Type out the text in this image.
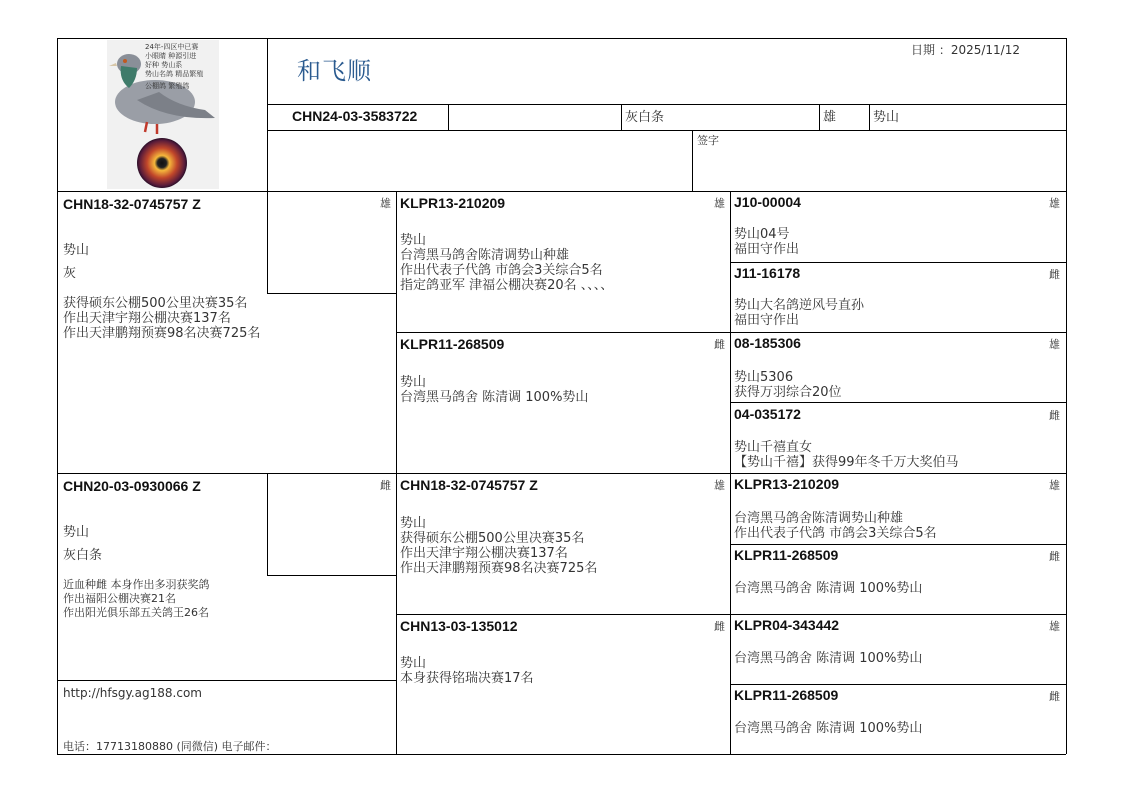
24年-四区中已赛
小眼睛 种源引进
好种 势山系
势山名鸽 精品繁殖
公棚鸽 繁殖鸽
和飞顺
日期 ：2025/11/12
CHN24-03-3583722	灰白条	雄	势山
签字
CHN18-32-0745757 Z
势山
灰
获得硕东公棚500公里决赛35名
作出天津宇翔公棚决赛137名
作出天津鹏翔预赛98名决赛725名
雄
CHN20-03-0930066 Z
势山
灰白条
近血种雌 本身作出多羽获奖鸽
作出福阳公棚决赛21名
作出阳光俱乐部五关鸽王26名
雌
KLPR13-210209	雄
势山
台湾黑马鸽舍陈清调势山种雄
作出代表子代鸽 市鸽会3关综合5名
指定鸽亚军 津福公棚决赛20名 、、、、
KLPR11-268509	雌
势山
台湾黑马鸽舍 陈清调 100%势山
CHN18-32-0745757 Z	雄
势山
获得硕东公棚500公里决赛35名
作出天津宇翔公棚决赛137名
作出天津鹏翔预赛98名决赛725名
CHN13-03-135012	雌
势山
本身获得铭瑞决赛17名
J10-00004	雄
势山04号
福田守作出
J11-16178	雌
势山大名鸽逆风号直孙
福田守作出
08-185306	雄
势山5306
获得万羽综合20位
04-035172	雌
势山千禧直女
【势山千禧】获得99年冬千万大奖伯马
KLPR13-210209	雄
台湾黑马鸽舍陈清调势山种雄
作出代表子代鸽 市鸽会3关综合5名
KLPR11-268509	雌
台湾黑马鸽舍 陈清调 100%势山
KLPR04-343442	雄
台湾黑马鸽舍 陈清调 100%势山
KLPR11-268509	雌
台湾黑马鸽舍 陈清调 100%势山
http://hfsgy.ag188.com
电话：17713180880 (同微信) 电子邮件：
